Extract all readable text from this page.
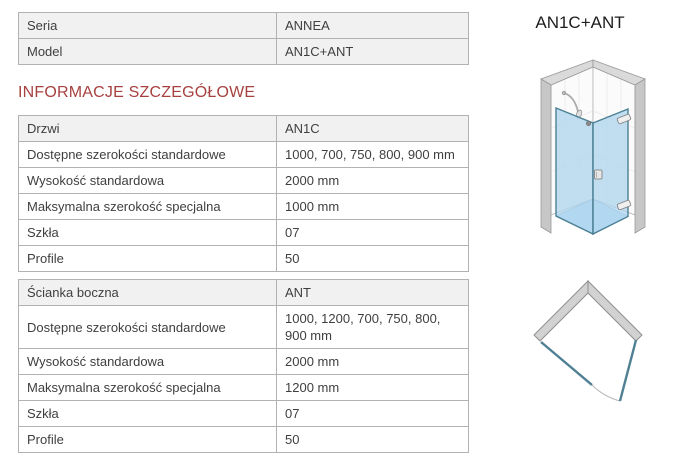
Seria	ANNEA
Model	AN1C+ANT
INFORMACJE SZCZEGÓŁOWE
Drzwi	AN1C
Dostępne szerokości standardowe	1000, 700, 750, 800, 900 mm
Wysokość standardowa	2000 mm
Maksymalna szerokość specjalna	1000 mm
Szkła	07
Profile	50
Ścianka boczna	ANT
Dostępne szerokości standardowe	1000, 1200, 700, 750, 800, 900 mm
Wysokość standardowa	2000 mm
Maksymalna szerokość specjalna	1200 mm
Szkła	07
Profile	50
AN1C+ANT
